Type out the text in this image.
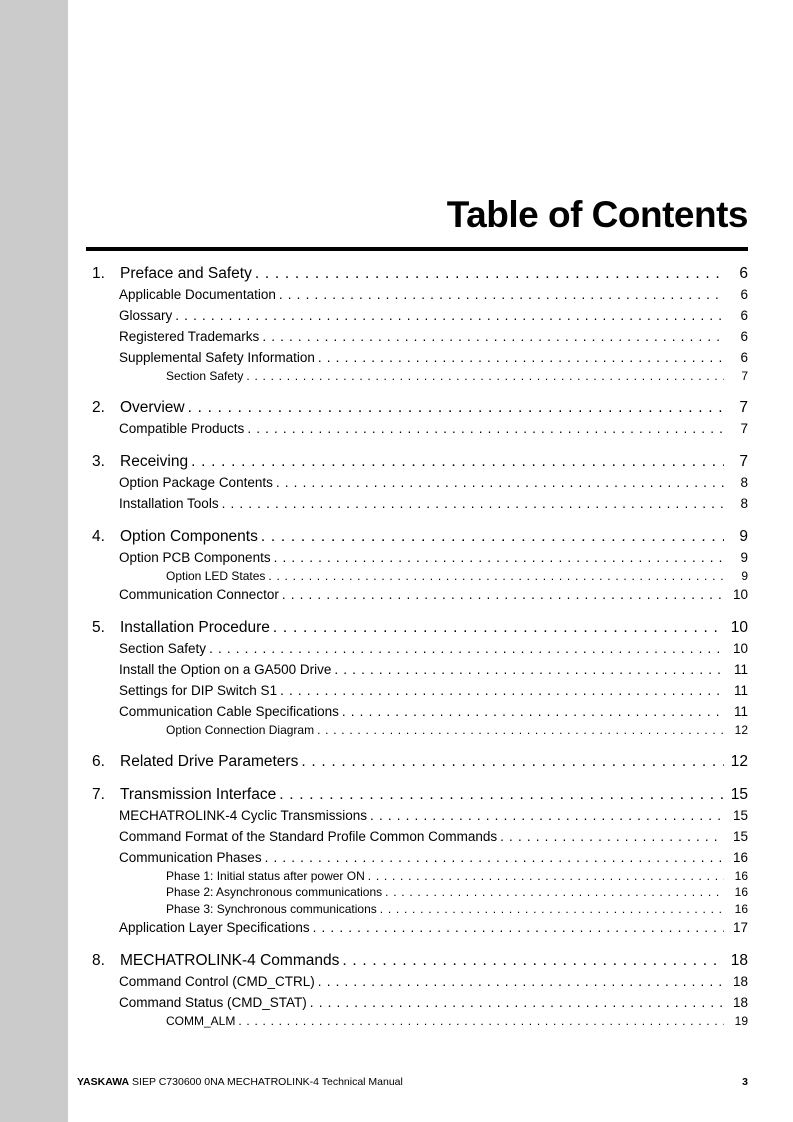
Table of Contents
1. Preface and Safety . . .	6
Applicable Documentation . . .	6
Glossary . . .	6
Registered Trademarks . . .	6
Supplemental Safety Information . . .	6
Section Safety . . .	7
2. Overview . . .	7
Compatible Products . . .	7
3. Receiving . . .	7
Option Package Contents . . .	8
Installation Tools . . .	8
4. Option Components . . .	9
Option PCB Components . . .	9
Option LED States . . .	9
Communication Connector . . .	10
5. Installation Procedure . . .	10
Section Safety . . .	10
Install the Option on a GA500 Drive . . .	11
Settings for DIP Switch S1 . . .	11
Communication Cable Specifications . . .	11
Option Connection Diagram . . .	12
6. Related Drive Parameters . . .	12
7. Transmission Interface . . .	15
MECHATROLINK-4 Cyclic Transmissions . . .	15
Command Format of the Standard Profile Common Commands . . .	15
Communication Phases . . .	16
Phase 1: Initial status after power ON . . .	16
Phase 2: Asynchronous communications . . .	16
Phase 3: Synchronous communications . . .	16
Application Layer Specifications . . .	17
8. MECHATROLINK-4 Commands . . .	18
Command Control (CMD_CTRL) . . .	18
Command Status (CMD_STAT) . . .	18
COMM_ALM . . .	19
YASKAWA SIEP C730600 0NA MECHATROLINK-4 Technical Manual	3
